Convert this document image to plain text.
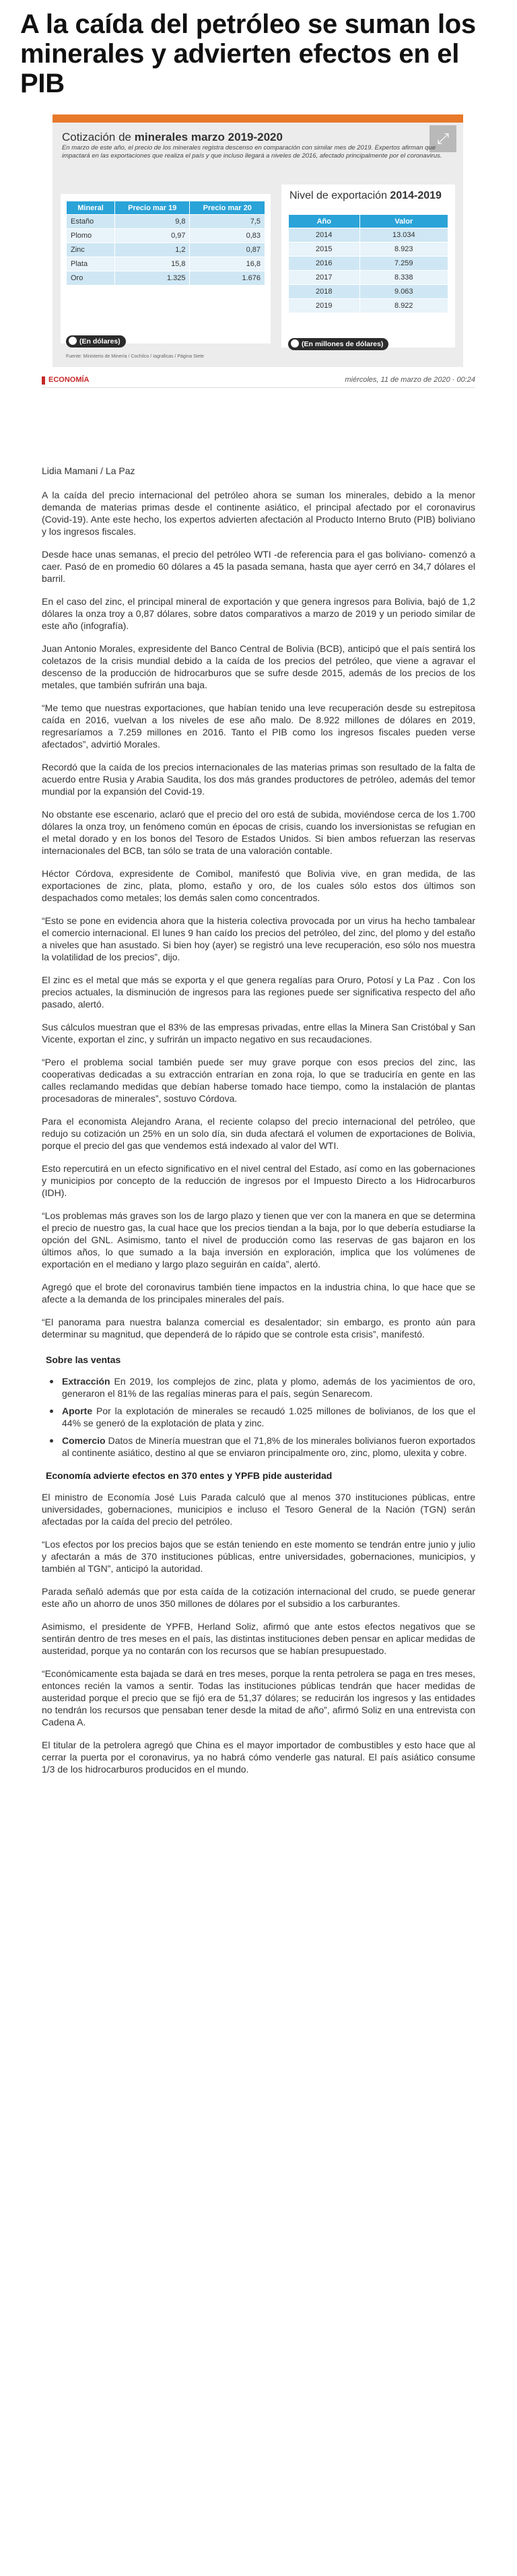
A la caída del petróleo se suman los minerales y advierten efectos en el PIB
⤢
Cotización de minerales marzo 2019-2020
En marzo de este año, el precio de los minerales registra descenso en comparación con similar mes de 2019. Expertos afirman que impactará en las exportaciones que realiza el país y que incluso llegará a niveles de 2016, afectado principalmente por el coronavirus.
Mineral	Precio mar 19	Precio mar 20
Estaño	9,8	7,5
Plomo	0,97	0,83
Zinc	1,2	0,87
Plata	15,8	16,8
Oro	1.325	1.676
(En dólares)
Nivel de exportación 2014-2019
Año	Valor
2014	13.034
2015	8.923
2016	7.259
2017	8.338
2018	9.063
2019	8.922
(En millones de dólares)
Fuente: Ministerio de Minería / Cochilco / Iagraficas / Página Siete
ECONOMÍA	miércoles, 11 de marzo de 2020 · 00:24

Lidia Mamani / La Paz

A la caída del precio internacional del petróleo ahora se suman los minerales, debido a la menor demanda de materias primas desde el continente asiático, el principal afectado por el coronavirus (Covid-19). Ante este hecho, los expertos advierten afectación al Producto Interno Bruto (PIB) boliviano y los ingresos fiscales.

Desde hace unas semanas, el precio del petróleo WTI -de referencia para el gas boliviano- comenzó a caer. Pasó de en promedio 60 dólares a 45 la pasada semana, hasta que ayer cerró en 34,7 dólares el barril.

En el caso del zinc, el principal mineral de exportación y que genera ingresos para Bolivia, bajó de 1,2 dólares la onza troy a 0,87 dólares, sobre datos comparativos a marzo de 2019 y un periodo similar de este año (infografía).

Juan Antonio Morales, expresidente del Banco Central de Bolivia (BCB), anticipó que el país sentirá los coletazos de la crisis mundial debido a la caída de los precios del petróleo, que viene a agravar el descenso de la producción de hidrocarburos que se sufre desde 2015, además de los precios de los metales, que también sufrirán una baja.

“Me temo que nuestras exportaciones, que habían tenido una leve recuperación desde su estrepitosa caída en 2016, vuelvan a los niveles de ese año malo. De 8.922 millones de dólares en 2019, regresaríamos a 7.259 millones en 2016. Tanto el PIB como los ingresos fiscales pueden verse afectados”, advirtió Morales.

Recordó que la caída de los precios internacionales de las materias primas son resultado de la falta de acuerdo entre Rusia y Arabia Saudita, los dos más grandes productores de petróleo, además del temor mundial por la expansión del Covid-19.

No obstante ese escenario, aclaró que el precio del oro está de subida, moviéndose cerca de los 1.700 dólares la onza troy, un fenómeno común en épocas de crisis, cuando los inversionistas se refugian en el metal dorado y en los bonos del Tesoro de Estados Unidos. Si bien ambos refuerzan las reservas internacionales del BCB, tan sólo se trata de una valoración contable.

Héctor Córdova, expresidente de Comibol, manifestó que Bolivia vive, en gran medida, de las exportaciones de zinc, plata, plomo, estaño y oro, de los cuales sólo estos dos últimos son despachados como metales; los demás salen como concentrados.

“Esto se pone en evidencia ahora que la histeria colectiva provocada por un virus ha hecho tambalear el comercio internacional. El lunes 9 han caído los precios del petróleo, del zinc, del plomo y del estaño a niveles que han asustado. Si bien hoy (ayer) se registró una leve recuperación, eso sólo nos muestra la volatilidad de los precios”, dijo.

El zinc es el metal que más se exporta y el que genera regalías para Oruro, Potosí y La Paz . Con los precios actuales, la disminución de ingresos para las regiones puede ser significativa respecto del año pasado, alertó.

Sus cálculos muestran que el 83% de las empresas privadas, entre ellas la Minera San Cristóbal y San Vicente, exportan el zinc, y sufrirán un impacto negativo en sus recaudaciones.

“Pero el problema social también puede ser muy grave porque con esos precios del zinc, las cooperativas dedicadas a su extracción entrarían en zona roja, lo que se traduciría en gente en las calles reclamando medidas que debían haberse tomado hace tiempo, como la instalación de plantas procesadoras de minerales”, sostuvo Córdova.

Para el economista Alejandro Arana, el reciente colapso del precio internacional del petróleo, que redujo su cotización un 25% en un solo día, sin duda afectará el volumen de exportaciones de Bolivia, porque el precio del gas que vendemos está indexado al valor del WTI.

Esto repercutirá en un efecto significativo en el nivel central del Estado, así como en las gobernaciones y municipios por concepto de la reducción de ingresos por el Impuesto Directo a los Hidrocarburos (IDH).

“Los problemas más graves son los de largo plazo y tienen que ver con la manera en que se determina el precio de nuestro gas, la cual hace que los precios tiendan a la baja, por lo que debería estudiarse la opción del GNL. Asimismo, tanto el nivel de producción como las reservas de gas bajaron en los últimos años, lo que sumado a la baja inversión en exploración, implica que los volúmenes de exportación en el mediano y largo plazo seguirán en caída”, alertó.

Agregó que el brote del coronavirus también tiene impactos en la industria china, lo que hace que se afecte a la demanda de los principales minerales del país.

“El panorama para nuestra balanza comercial es desalentador; sin embargo, es pronto aún para determinar su magnitud, que dependerá de lo rápido que se controle esta crisis”, manifestó.

Sobre las ventas
Extracción En 2019, los complejos de zinc, plata y plomo, además de los yacimientos de oro, generaron el 81% de las regalías mineras para el país, según Senarecom.
Aporte Por la explotación de minerales se recaudó 1.025 millones de bolivianos, de los que el 44% se generó de la explotación de plata y zinc.
Comercio Datos de Minería muestran que el 71,8% de los minerales bolivianos fueron exportados al continente asiático, destino al que se enviaron principalmente oro, zinc, plomo, ulexita y cobre.
Economía advierte efectos en 370 entes y YPFB pide austeridad

El ministro de Economía José Luis Parada calculó que al menos 370 instituciones públicas, entre universidades, gobernaciones, municipios e incluso el Tesoro General de la Nación (TGN) serán afectadas por la caída del precio del petróleo.

“Los efectos por los precios bajos que se están teniendo en este momento se tendrán entre junio y julio y afectarán a más de 370 instituciones públicas, entre universidades, gobernaciones, municipios, y también al TGN”, anticipó la autoridad.

Parada señaló además que por esta caída de la cotización internacional del crudo, se puede generar este año un ahorro de unos 350 millones de dólares por el subsidio a los carburantes.

Asimismo, el presidente de YPFB, Herland Soliz, afirmó que ante estos efectos negativos que se sentirán dentro de tres meses en el país, las distintas instituciones deben pensar en aplicar medidas de austeridad, porque ya no contarán con los recursos que se habían presupuestado.

“Económicamente esta bajada se dará en tres meses, porque la renta petrolera se paga en tres meses, entonces recién la vamos a sentir. Todas las instituciones públicas tendrán que hacer medidas de austeridad porque el precio que se fijó era de 51,37 dólares; se reducirán los ingresos y las entidades no tendrán los recursos que pensaban tener desde la mitad de año”, afirmó Soliz en una entrevista con Cadena A.

El titular de la petrolera agregó que China es el mayor importador de combustibles y esto hace que al cerrar la puerta por el coronavirus, ya no habrá cómo venderle gas natural. El país asiático consume 1/3 de los hidrocarburos producidos en el mundo.
